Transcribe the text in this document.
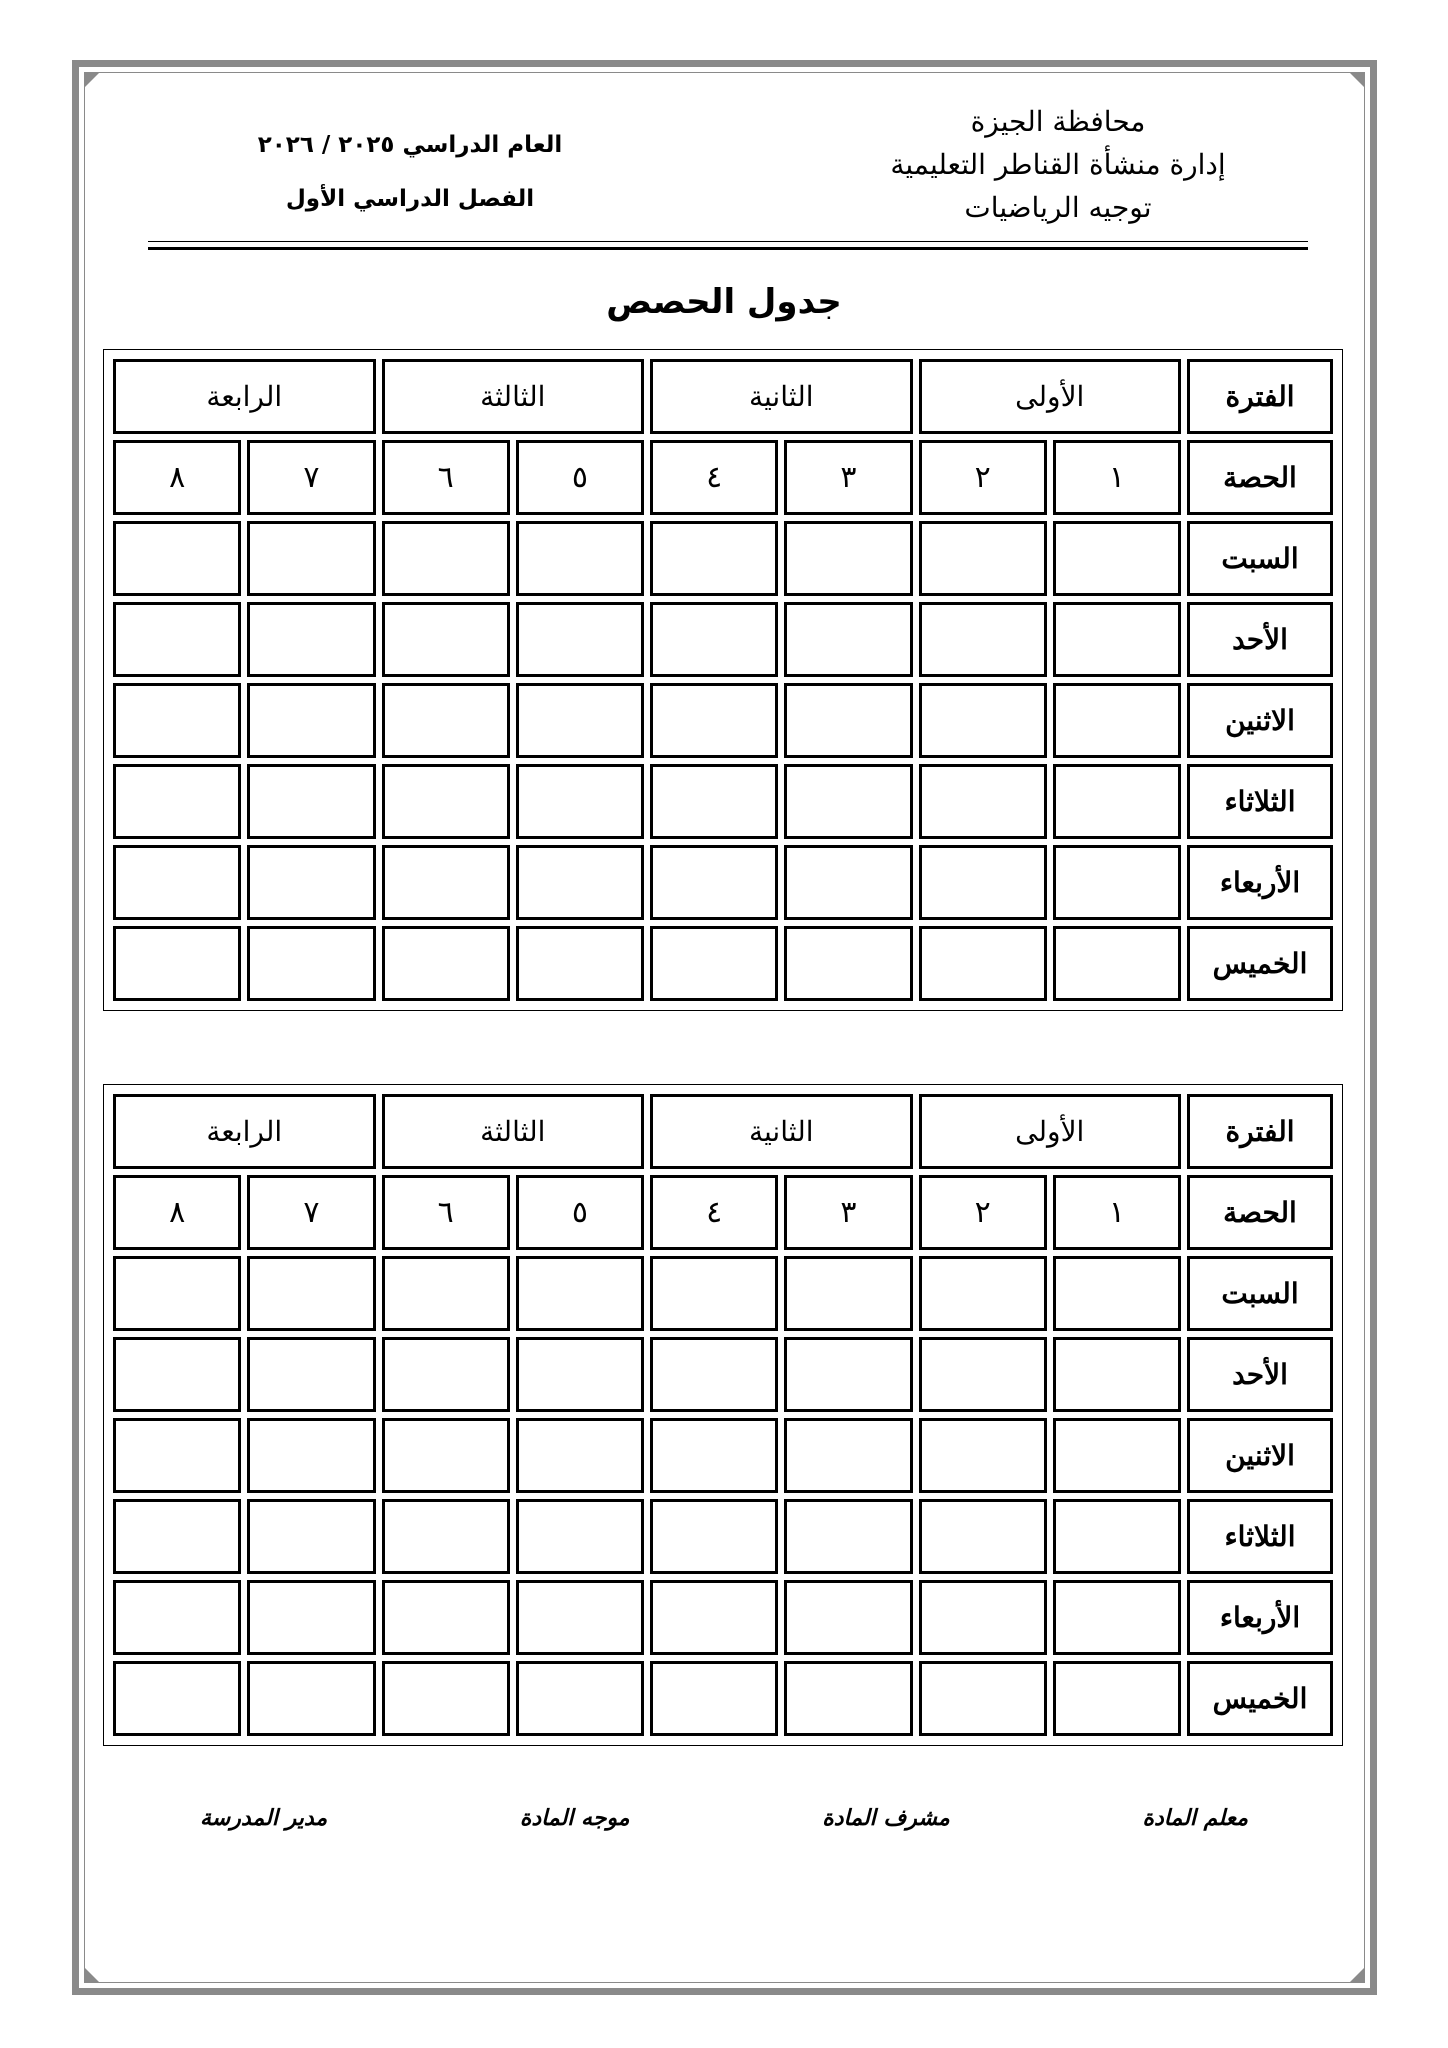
محافظة الجيزة
إدارة منشأة القناطر التعليمية
توجيه الرياضيات
العام الدراسي ٢٠٢٥ / ٢٠٢٦
الفصل الدراسي الأول
جدول الحصص
الفترة	الأولى		الثانية		الثالثة		الرابعة	
الحصة	١	٢	٣	٤	٥	٦	٧	٨
السبت								
الأحد								
الاثنين								
الثلاثاء								
الأربعاء								
الخميس								
الفترة	الأولى		الثانية		الثالثة		الرابعة	
الحصة	١	٢	٣	٤	٥	٦	٧	٨
السبت								
الأحد								
الاثنين								
الثلاثاء								
الأربعاء								
الخميس								
معلم المادة
مشرف المادة
موجه المادة
مدير المدرسة
